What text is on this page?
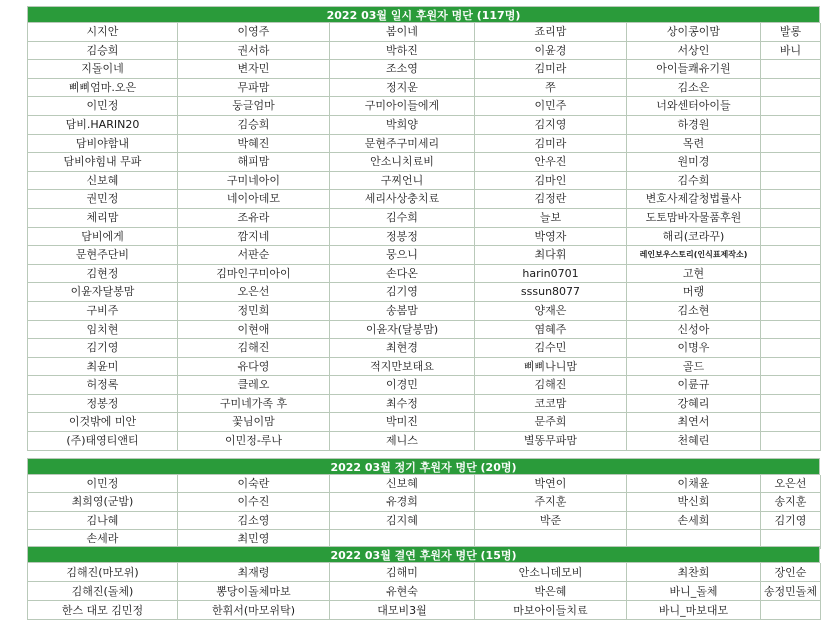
2022 03월 일시 후원자 명단 (117명)
시지안	이영주	봄이네	죠리맘	상이콩이맘	발롱
김승희	권서하	박하진	이윤경	서상인	바니
지돌이네	변자민	조소영	김미라	아이들쾌유기원
삐삐엄마.오은	무파맘	정지운	쭈	김소은
이민정	둥글엄마	구미아이들에게	이민주	너와센터아이들
담비.HARIN20	김승희	박희양	김지영	하경원
담비야함내	박혜진	문현주구미세리	김미라	목련
담비야힘내 무파	해피맘	안소니치료비	안우진	원미경
신보혜	구미네아이	구찌언니	김마인	김수희
권민정	네이아데모	세리사상충치료	김정란	변호사제갈청법률사
체리맘	조유라	김수희	늘보	도토맘바자물품후원
담비에게	깜지네	정봉정	박영자	해리(코라꾸)
문현주단비	서판순	뭉으니	최다휘	레인보우스토리(인식표제작소)
김현정	김마인구미아이	손다온	harin0701	고현
이윤자달봉맘	오은선	김기영	sssun8077	머랭
구비주	정민희	송봄맘	양재은	김소현
임치현	이현애	이윤자(달봉맘)	염혜주	신성아
김기영	김해진	최현경	김수민	이명우
최윤미	유다영	적지만보태요	삐삐나니맘	골드
허정록	클레오	이경민	김해진	이륜규
정봉정	구미네가족 후	최수정	코코맘	강혜리
이것밖에 미안	꽃님이맘	박미진	문주희	최연서
(주)태영티앤티	이민정-루나	제니스	별똥무파맘	천혜린
2022 03월 정기 후원자 명단 (20명)
이민정	이숙란	신보혜	박연이	이채윤	오은선
최희영(군밤)	이수진	유경희	주지훈	박신희	송지훈
김나혜	김소영	김지혜	박준	손세희	김기영
손세라	최민영
2022 03월 결연 후원자 명단 (15명)
김해진(마모위)	최재령	김해미	안소니데모비	최찬희	장인순
김해진(돌체)	뽕당이돌체마보	유현숙	박은혜	바니_돌체	송정민돌체
한스 대모 김민정	한휘서(마모위탁)	대모비3월	마보아이들치료	바니_마보대모
